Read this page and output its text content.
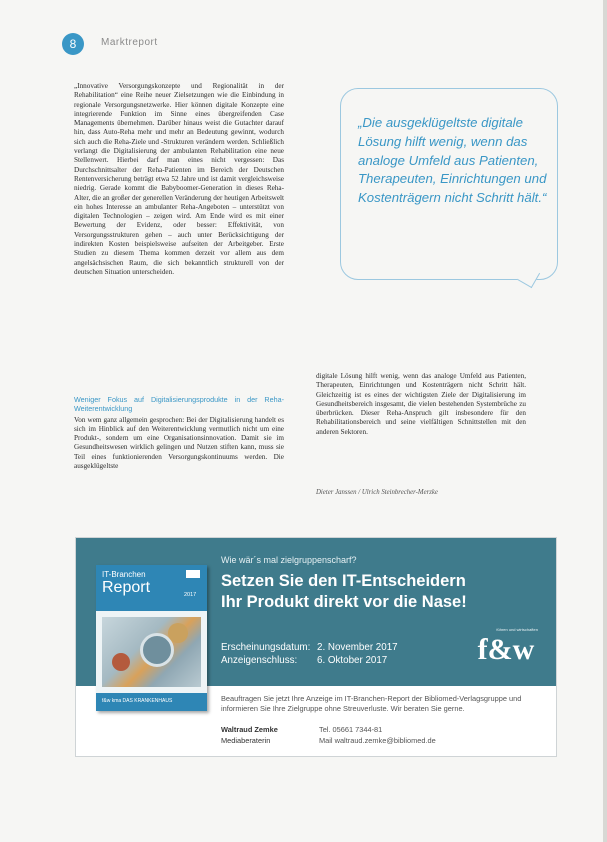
8	Marktreport

„Innovative Versorgungskonzepte und Regionalität in der Rehabilitation“ eine Reihe neuer Zielsetzungen wie die Einbindung in regionale Versorgungsnetzwerke. Hier können digitale Konzepte eine integrierende Funktion im Sinne eines übergreifenden Case Managements übernehmen. Darüber hinaus weist die Gutachter darauf hin, dass Auto-Reha mehr und mehr an Bedeutung gewinnt, wodurch sich auch die Reha-Ziele und -Strukturen verändern werden. Schließlich verlangt die Digitalisierung der ambulanten Rehabilitation eine neue Stellenwert. Hierbei darf man eines nicht vergessen: Das Durchschnittsalter der Reha-Patienten im Bereich der Deutschen Rentenversicherung beträgt etwa 52 Jahre und ist damit vergleichsweise niedrig. Gerade kommt die Babyboomer-Generation in dieses Reha-Alter, die an großer der generellen Veränderung der heutigen Arbeitswelt ein hohes Interesse an ambulanter Reha-Angeboten – unterstützt von digitalen Technologien – zeigen wird. Am Ende wird es mit einer Bewertung der Evidenz, oder besser: Effektivität, von Versorgungsstrukturen gehen – auch unter Berücksichtigung der indirekten Kosten beispielsweise aufseiten der Arbeitgeber. Erste Studien zu diesem Thema kommen derzeit vor allem aus dem angelsächsischen Raum, die sich bekanntlich strukturell von der deutschen Situation unterscheiden.

Weniger Fokus auf Digitalisierungsprodukte in der Reha-Weiterentwicklung

Von wem ganz allgemein gesprochen: Bei der Digitalisierung handelt es sich im Hinblick auf den Weiterentwicklung vermutlich nicht um eine Produkt-, sondern um eine Organisationsinnovation. Damit sie im Gesundheitswesen wirklich gelingen und Nutzen stiften kann, muss sie Teil eines funktionierenden Versorgungskontinuums werden. Die ausgeklügeltste

„Die ausgeklügeltste digitale Lösung hilft wenig, wenn das analoge Umfeld aus Patienten, Therapeuten, Einrichtungen und Kostenträgern nicht Schritt hält.“

digitale Lösung hilft wenig, wenn das analoge Umfeld aus Patienten, Therapeuten, Einrichtungen und Kostenträgern nicht Schritt hält. Gleichzeitig ist es eines der wichtigsten Ziele der Digitalisierung im Gesundheitsbereich insgesamt, die vielen bestehenden Systembrüche zu überbrücken. Dieser Reha-Anspruch gilt insbesondere für den Rehabilitationsbereich und seine vielfältigen Schnittstellen mit den anderen Sektoren.

Dieter Janssen / Ulrich Steinbrecher-Merzke
IT-Branchen
Report	2017
f&w kma DAS KRANKENHAUS
Wie wär´s mal zielgruppenscharf?
Setzen Sie den IT-Entscheidern
Ihr Produkt direkt vor die Nase!
Erscheinungsdatum: 2. November 2017
Anzeigenschluss: 6. Oktober 2017
führen und wirtschaften
f&w
Beauftragen Sie jetzt Ihre Anzeige im IT-Branchen-Report der Bibliomed-Verlagsgruppe und informieren Sie Ihre Zielgruppe ohne Streuverluste. Wir beraten Sie gerne.
Waltraud Zemke
Mediaberaterin
Tel. 05661 7344-81
Mail waltraud.zemke@bibliomed.de
